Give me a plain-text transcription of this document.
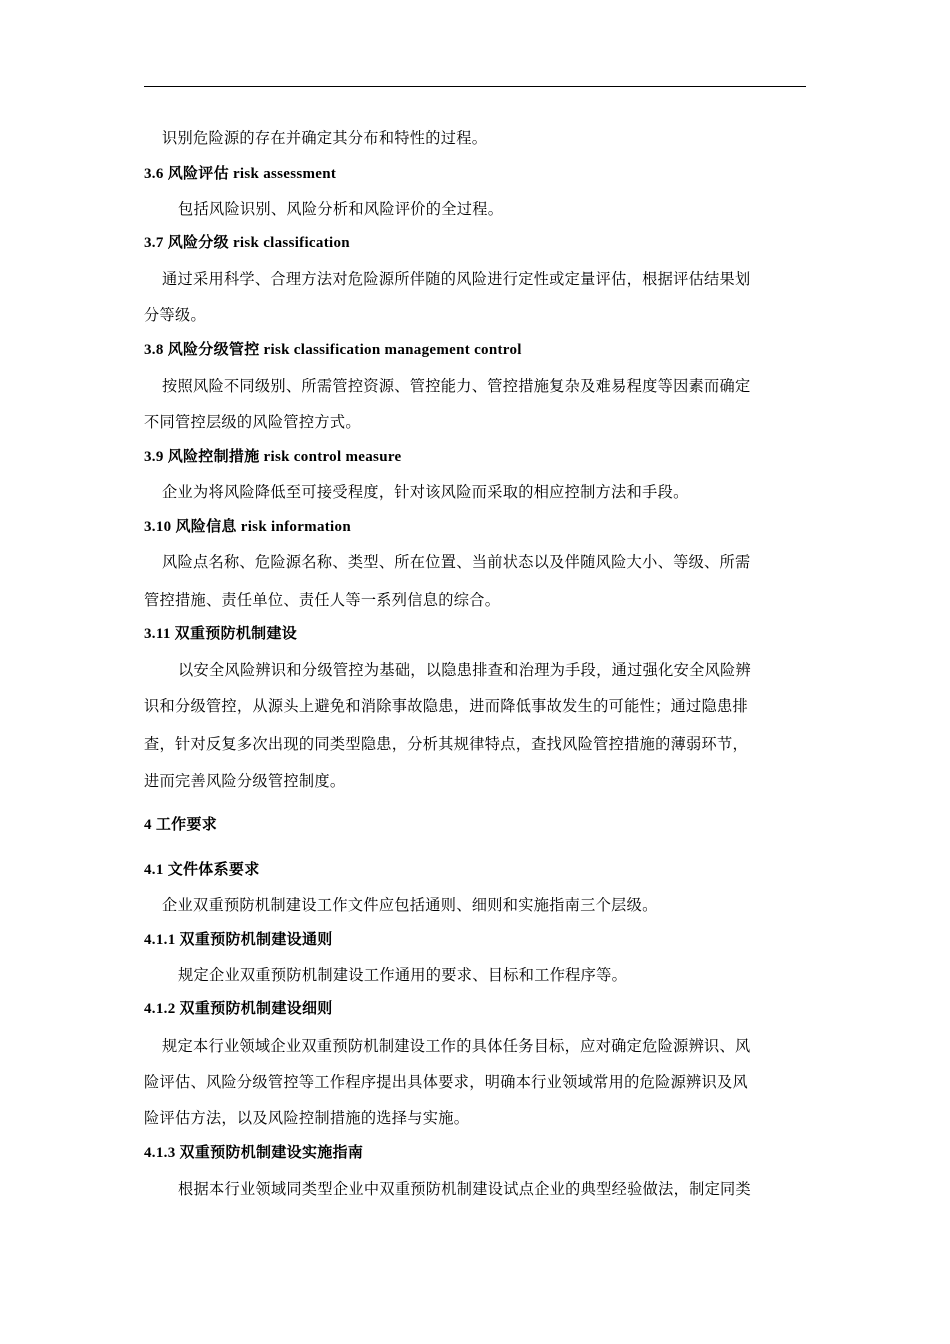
识别危险源的存在并确定其分布和特性的过程。
3.6 风险评估 risk assessment
包括风险识别、风险分析和风险评价的全过程。
3.7 风险分级 risk classification
通过采用科学、合理方法对危险源所伴随的风险进行定性或定量评估，根据评估结果划
分等级。
3.8 风险分级管控 risk classification management control
按照风险不同级别、所需管控资源、管控能力、管控措施复杂及难易程度等因素而确定
不同管控层级的风险管控方式。
3.9 风险控制措施 risk control measure
企业为将风险降低至可接受程度，针对该风险而采取的相应控制方法和手段。
3.10 风险信息 risk information
风险点名称、危险源名称、类型、所在位置、当前状态以及伴随风险大小、等级、所需
管控措施、责任单位、责任人等一系列信息的综合。
3.11 双重预防机制建设
以安全风险辨识和分级管控为基础，以隐患排查和治理为手段，通过强化安全风险辨
识和分级管控，从源头上避免和消除事故隐患，进而降低事故发生的可能性；通过隐患排
查，针对反复多次出现的同类型隐患，分析其规律特点，查找风险管控措施的薄弱环节，
进而完善风险分级管控制度。
4 工作要求
4.1 文件体系要求
企业双重预防机制建设工作文件应包括通则、细则和实施指南三个层级。
4.1.1 双重预防机制建设通则
规定企业双重预防机制建设工作通用的要求、目标和工作程序等。
4.1.2 双重预防机制建设细则
规定本行业领域企业双重预防机制建设工作的具体任务目标，应对确定危险源辨识、风
险评估、风险分级管控等工作程序提出具体要求，明确本行业领域常用的危险源辨识及风
险评估方法，以及风险控制措施的选择与实施。
4.1.3 双重预防机制建设实施指南
根据本行业领域同类型企业中双重预防机制建设试点企业的典型经验做法，制定同类
